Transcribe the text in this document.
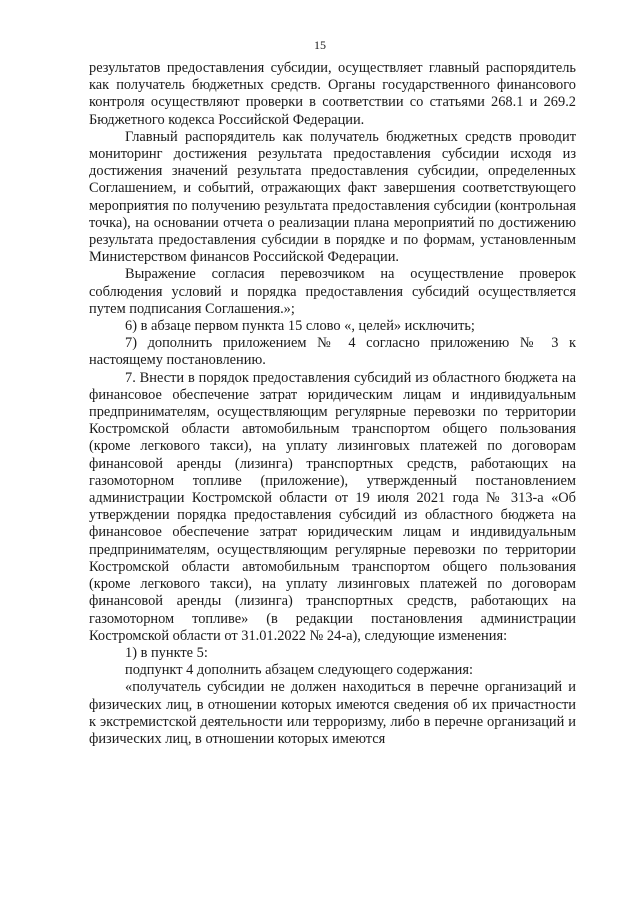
15

результатов предоставления субсидии, осуществляет главный распорядитель как получатель бюджетных средств. Органы государственного финансового контроля осуществляют проверки в соответствии со статьями 268.1 и 269.2 Бюджетного кодекса Российской Федерации.

Главный распорядитель как получатель бюджетных средств проводит мониторинг достижения результата предоставления субсидии исходя из достижения значений результата предоставления субсидии, определенных Соглашением, и событий, отражающих факт завершения соответствующего мероприятия по получению результата предоставления субсидии (контрольная точка), на основании отчета о реализации плана мероприятий по достижению результата предоставления субсидии в порядке и по формам, установленным Министерством финансов Российской Федерации.

Выражение согласия перевозчиком на осуществление проверок соблюдения условий и порядка предоставления субсидий осуществляется путем подписания Соглашения.»;

6) в абзаце первом пункта 15 слово «, целей» исключить;

7) дополнить приложением № 4 согласно приложению № 3 к настоящему постановлению.

7. Внести в порядок предоставления субсидий из областного бюджета на финансовое обеспечение затрат юридическим лицам и индивидуальным предпринимателям, осуществляющим регулярные перевозки по территории Костромской области автомобильным транспортом общего пользования (кроме легкового такси), на уплату лизинговых платежей по договорам финансовой аренды (лизинга) транспортных средств, работающих на газомоторном топливе (приложение), утвержденный постановлением администрации Костромской области от 19 июля 2021 года № 313-а «Об утверждении порядка предоставления субсидий из областного бюджета на финансовое обеспечение затрат юридическим лицам и индивидуальным предпринимателям, осуществляющим регулярные перевозки по территории Костромской области автомобильным транспортом общего пользования (кроме легкового такси), на уплату лизинговых платежей по договорам финансовой аренды (лизинга) транспортных средств, работающих на газомоторном топливе» (в редакции постановления администрации Костромской области от 31.01.2022 № 24-а), следующие изменения:

1) в пункте 5:

подпункт 4 дополнить абзацем следующего содержания:

«получатель субсидии не должен находиться в перечне организаций и физических лиц, в отношении которых имеются сведения об их причастности к экстремистской деятельности или терроризму, либо в перечне организаций и физических лиц, в отношении которых имеются
